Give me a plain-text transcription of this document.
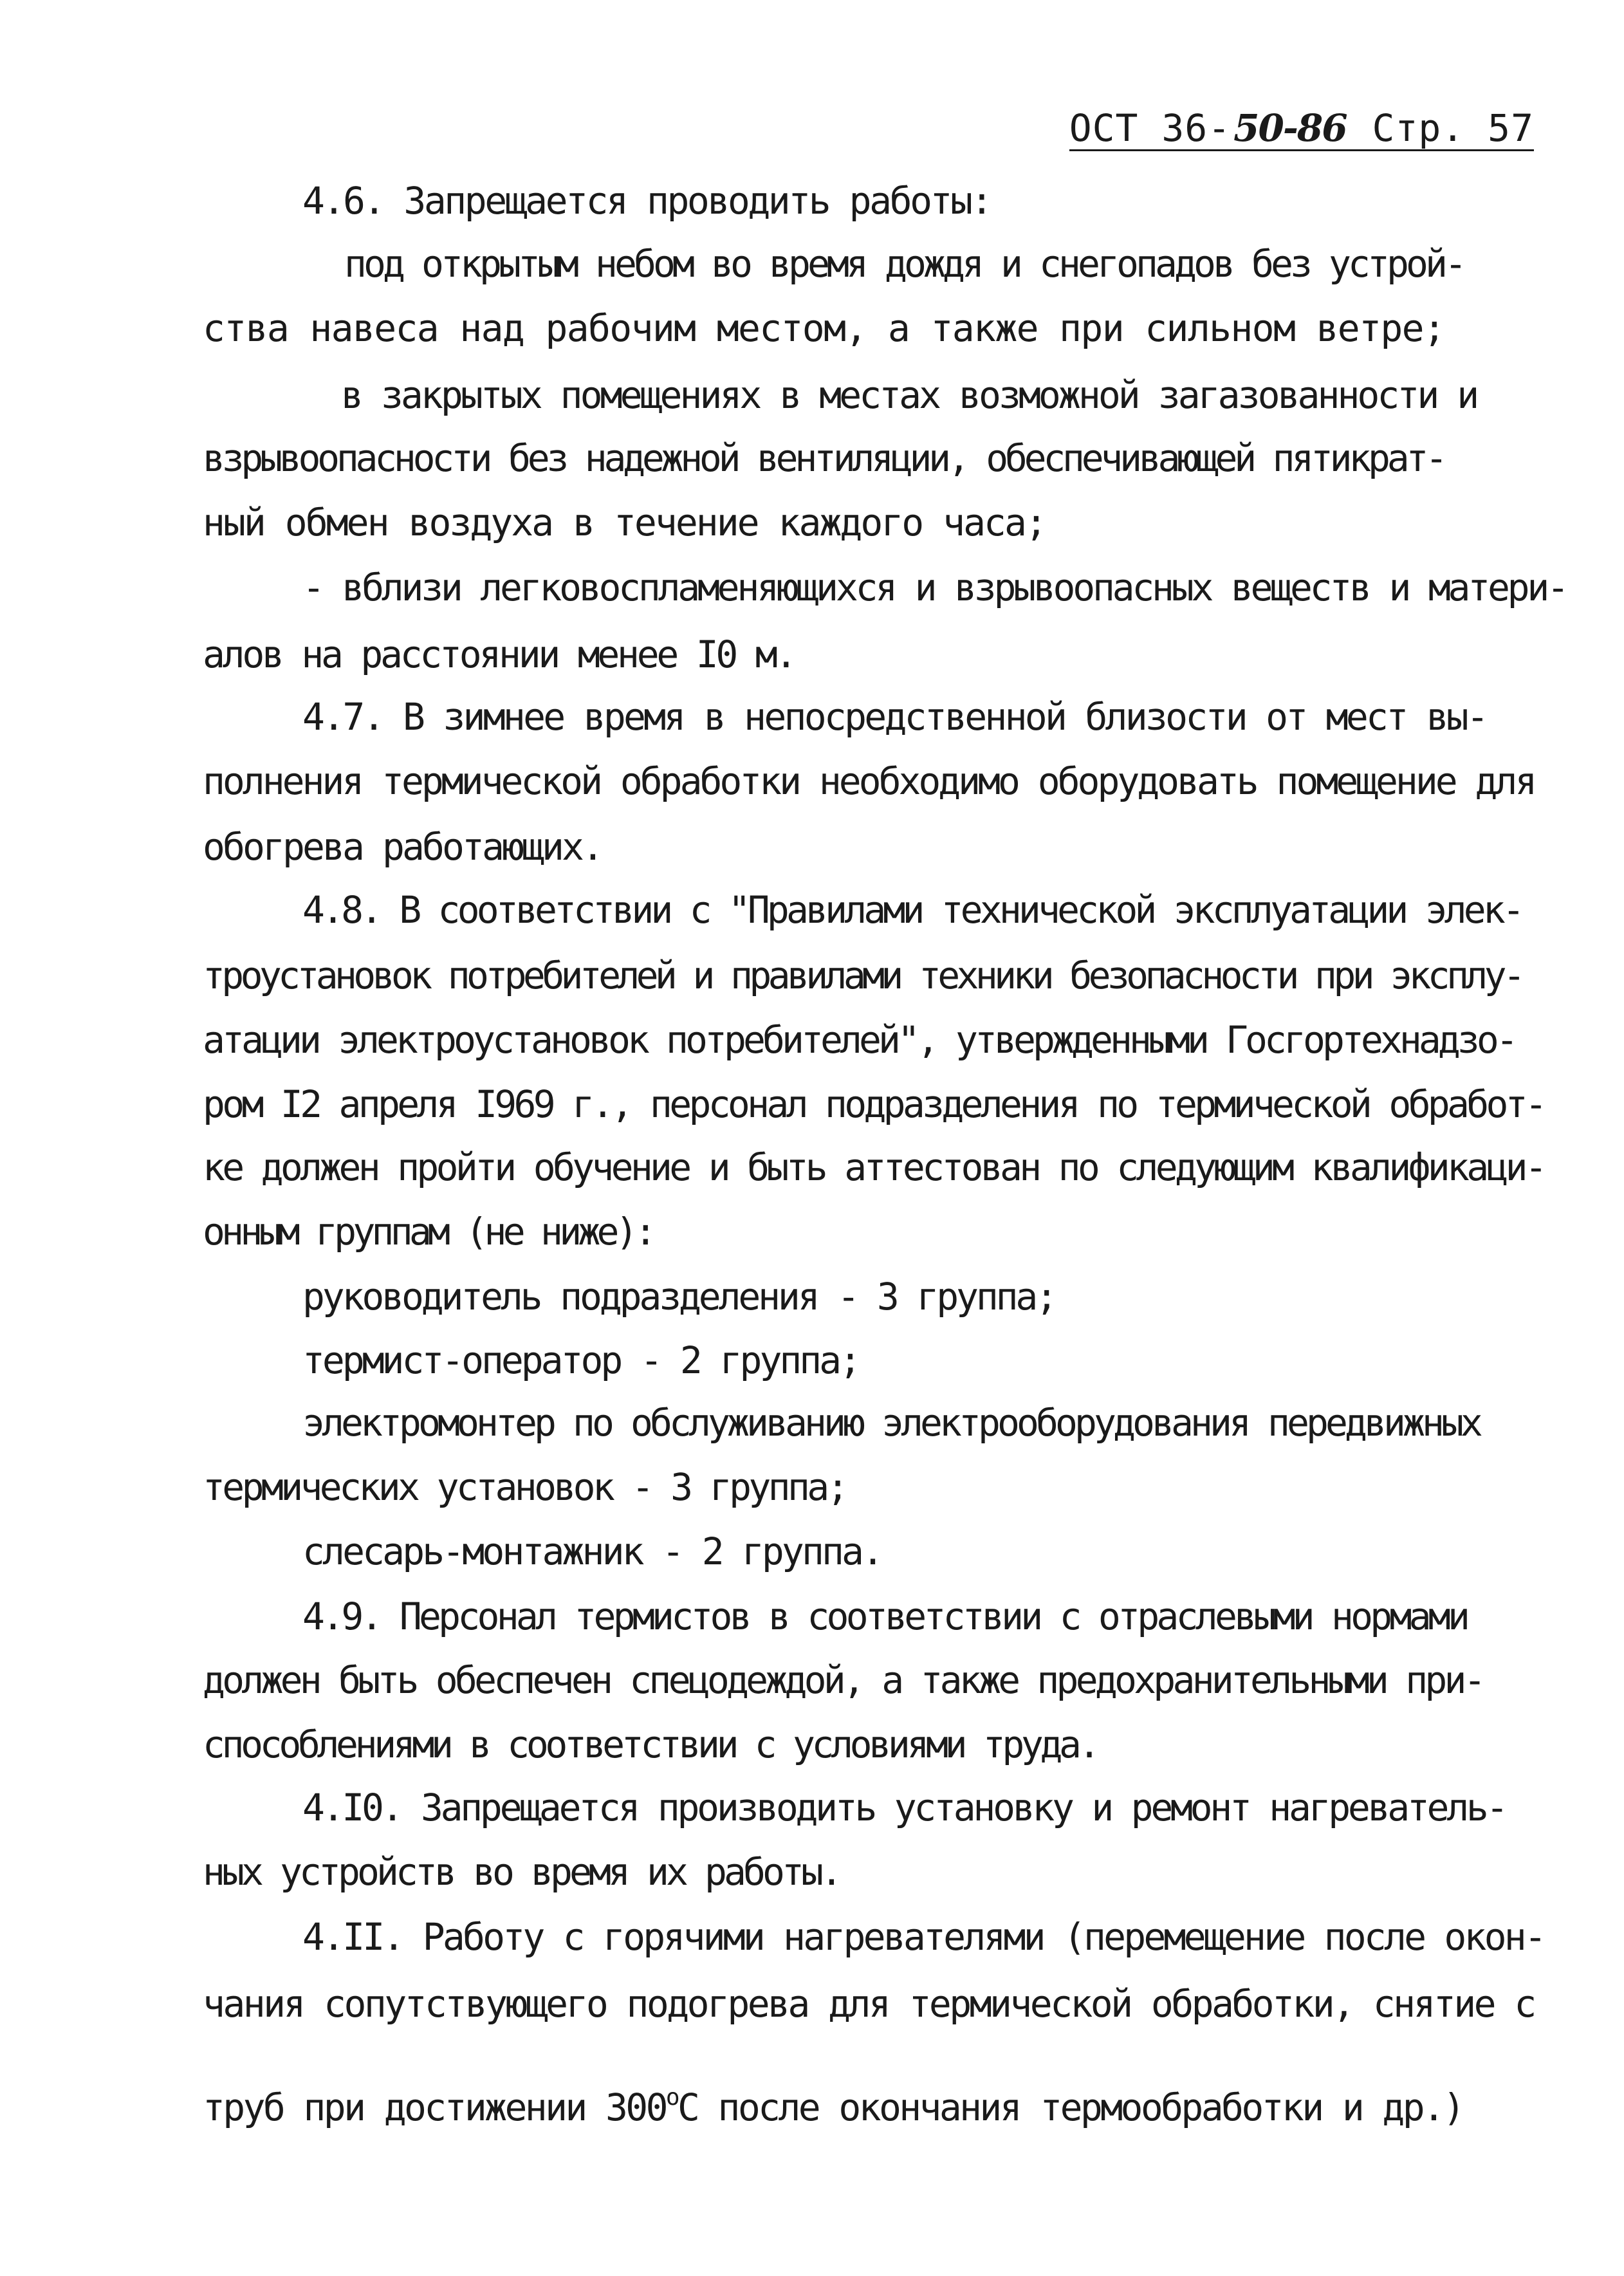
ОСТ 36-50-86 Стр. 57
4.6. Запрещается проводить работы:
под открытым небом во время дождя и снегопадов без устрой-
ства навеса над рабочим местом, а также при сильном ветре;
в закрытых помещениях в местах возможной загазованности и
взрывоопасности без надежной вентиляции, обеспечивающей пятикрат-
ный обмен воздуха в течение каждого часа;
- вблизи легковоспламеняющихся и взрывоопасных веществ и матери-
алов на расстоянии менее I0 м.
4.7. В зимнее время в непосредственной близости от мест вы-
полнения термической обработки необходимо оборудовать помещение для
обогрева работающих.
4.8. В соответствии с "Правилами технической эксплуатации элек-
троустановок потребителей и правилами техники безопасности при эксплу-
атации электроустановок потребителей", утвержденными Госгортехнадзо-
ром I2 апреля I969 г., персонал подразделения по термической обработ-
ке должен пройти обучение и быть аттестован по следующим квалификаци-
онным группам (не ниже):
руководитель подразделения - 3 группа;
термист-оператор - 2 группа;
электромонтер по обслуживанию электрооборудования передвижных
термических установок - 3 группа;
слесарь-монтажник - 2 группа.
4.9. Персонал термистов в соответствии с отраслевыми нормами
должен быть обеспечен спецодеждой, а также предохранительными при-
способлениями в соответствии с условиями труда.
4.I0. Запрещается производить установку и ремонт нагреватель-
ных устройств во время их работы.
4.II. Работу с горячими нагревателями (перемещение после окон-
чания сопутствующего подогрева для термической обработки, снятие с
труб при достижении $300^оС$ после окончания термообработки и др.)
